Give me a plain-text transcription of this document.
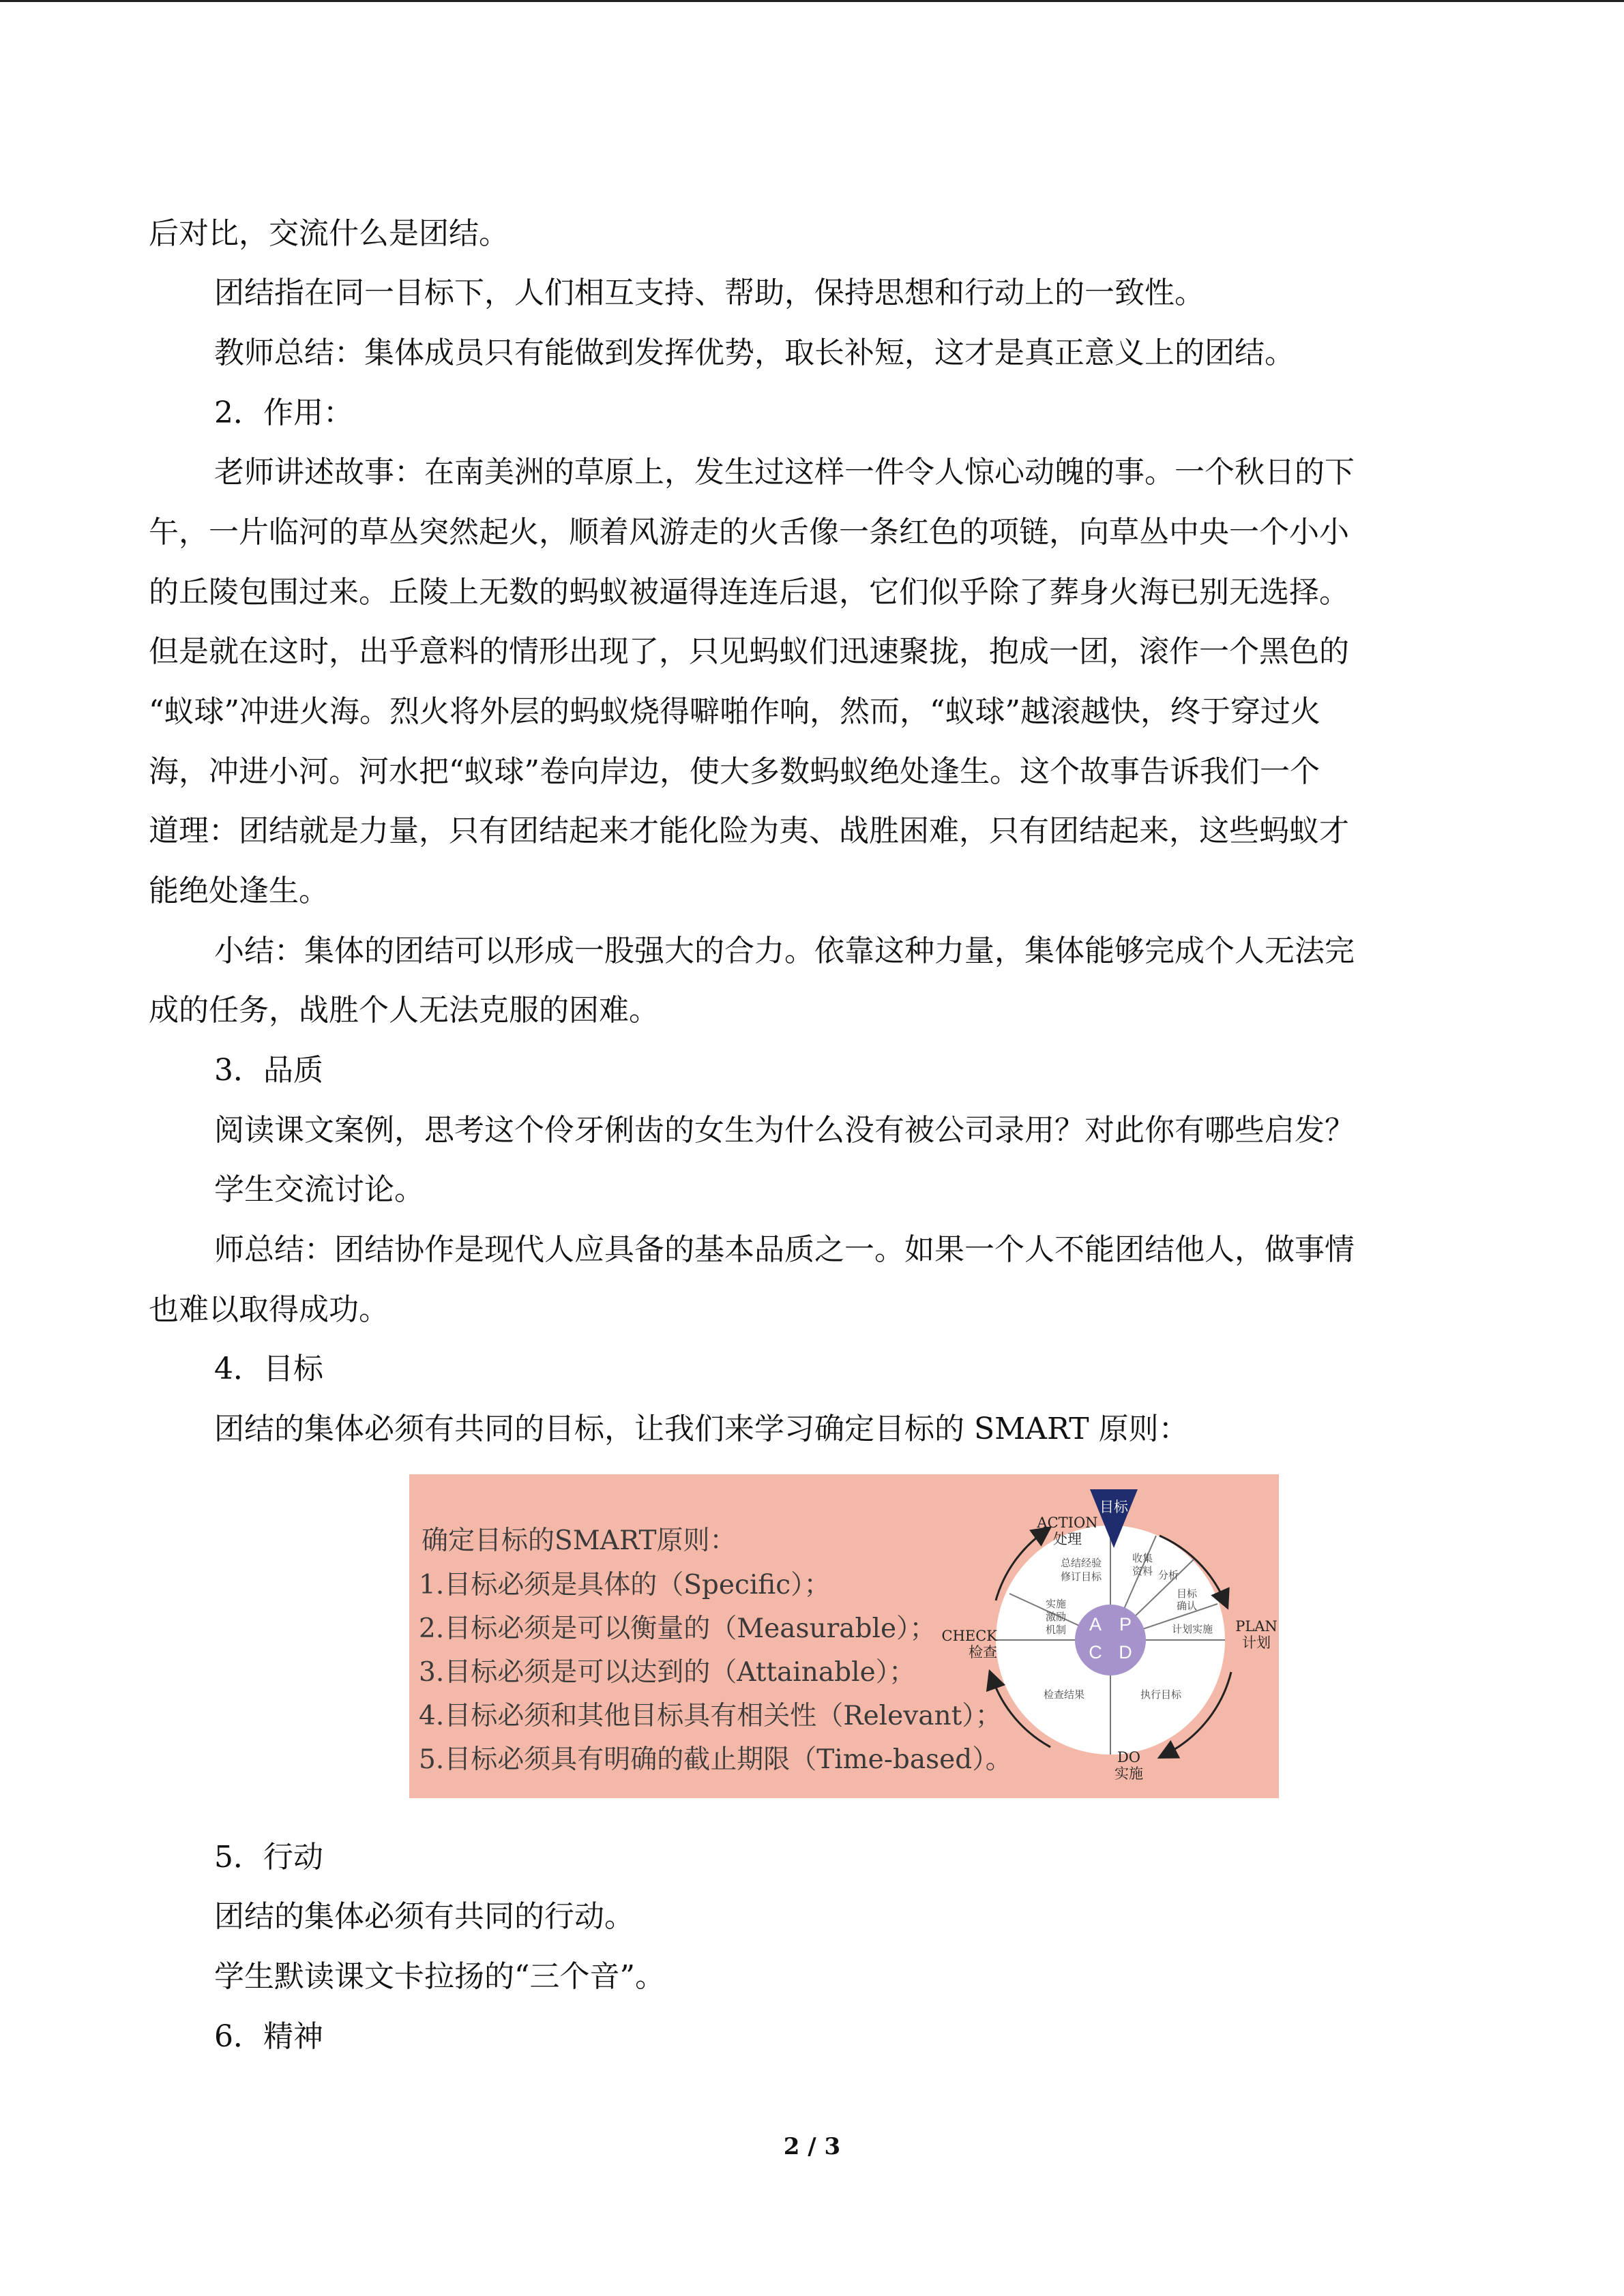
后对比，交流什么是团结。
团结指在同一目标下，人们相互支持、帮助，保持思想和行动上的一致性。
教师总结：集体成员只有能做到发挥优势，取长补短，这才是真正意义上的团结。
2．作用：
老师讲述故事：在南美洲的草原上，发生过这样一件令人惊心动魄的事。一个秋日的下
午，一片临河的草丛突然起火，顺着风游走的火舌像一条红色的项链，向草丛中央一个小小
的丘陵包围过来。丘陵上无数的蚂蚁被逼得连连后退，它们似乎除了葬身火海已别无选择。
但是就在这时，出乎意料的情形出现了，只见蚂蚁们迅速聚拢，抱成一团，滚作一个黑色的
“蚁球”冲进火海。烈火将外层的蚂蚁烧得噼啪作响，然而，“蚁球”越滚越快，终于穿过火
海，冲进小河。河水把“蚁球”卷向岸边，使大多数蚂蚁绝处逢生。这个故事告诉我们一个
道理：团结就是力量，只有团结起来才能化险为夷、战胜困难，只有团结起来，这些蚂蚁才
能绝处逢生。
小结：集体的团结可以形成一股强大的合力。依靠这种力量，集体能够完成个人无法完
成的任务，战胜个人无法克服的困难。
3．品质
阅读课文案例，思考这个伶牙俐齿的女生为什么没有被公司录用？对此你有哪些启发？
学生交流讨论。
师总结：团结协作是现代人应具备的基本品质之一。如果一个人不能团结他人，做事情
也难以取得成功。
4．目标
团结的集体必须有共同的目标，让我们来学习确定目标的 SMART 原则：
确定目标的SMART原则：
1.目标必须是具体的（Specific）；
2.目标必须是可以衡量的（Measurable）；
3.目标必须是可以达到的（Attainable）；
4.目标必须和其他目标具有相关性（Relevant）；
5.目标必须具有明确的截止期限（Time-based）。
A P
C D
目标
ACTION
处理
PLAN
计划
CHECK
检查
DO
实施
总结经验
修订目标
收集
资料 分析
目标
确认
计划实施
实施
激励
机制
检查结果	执行目标
5．行动
团结的集体必须有共同的行动。
学生默读课文卡拉扬的“三个音”。
6．精神
2 / 3
